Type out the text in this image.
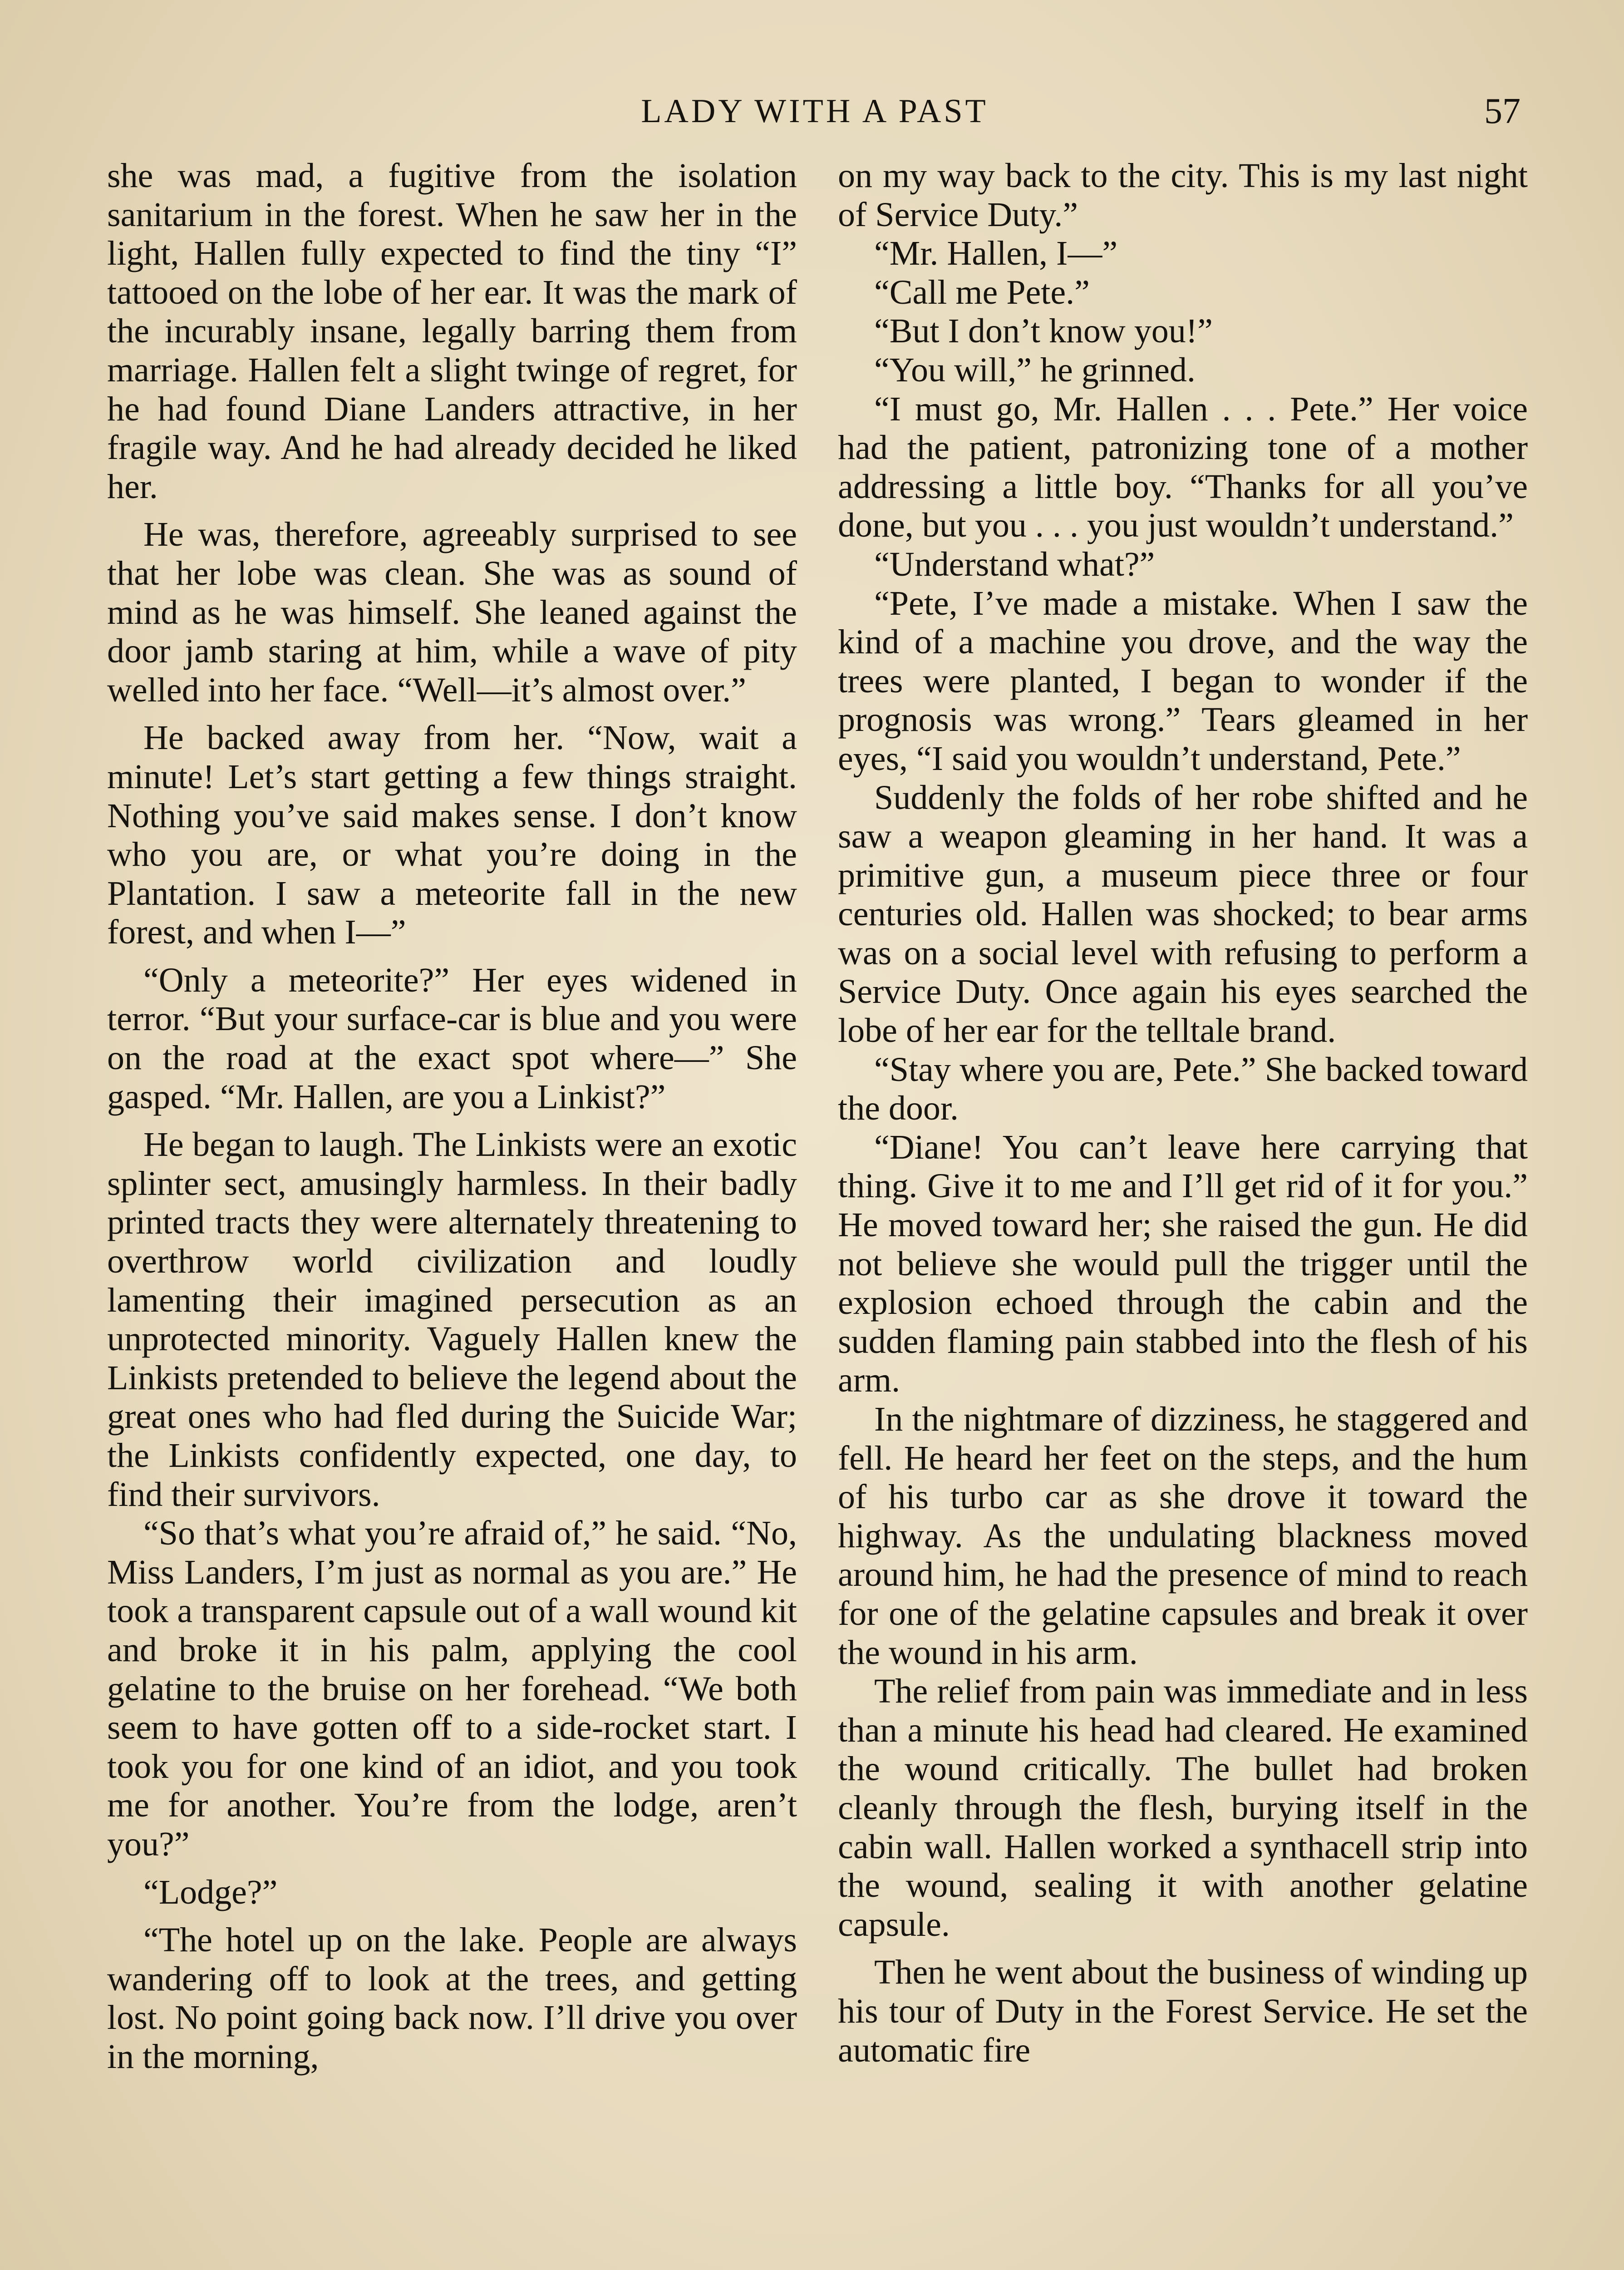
LADY WITH A PAST	57

she was mad, a fugitive from the isolation sanitarium in the forest. When he saw her in the light, Hallen fully expected to find the tiny “I” tattooed on the lobe of her ear. It was the mark of the incurably insane, legally barring them from marriage. Hallen felt a slight twinge of regret, for he had found Diane Landers attractive, in her fragile way. And he had already decided he liked her.

He was, therefore, agreeably surprised to see that her lobe was clean. She was as sound of mind as he was himself. She leaned against the door jamb staring at him, while a wave of pity welled into her face. “Well—it’s almost over.”

He backed away from her. “Now, wait a minute! Let’s start getting a few things straight. Nothing you’ve said makes sense. I don’t know who you are, or what you’re doing in the Plantation. I saw a meteorite fall in the new forest, and when I—”

“Only a meteorite?” Her eyes widened in terror. “But your surface-car is blue and you were on the road at the exact spot where—” She gasped. “Mr. Hallen, are you a Linkist?”

He began to laugh. The Linkists were an exotic splinter sect, amusingly harmless. In their badly printed tracts they were alternately threatening to overthrow world civilization and loudly lamenting their imagined persecution as an unprotected minority. Vaguely Hallen knew the Linkists pretended to believe the legend about the great ones who had fled during the Suicide War; the Linkists confidently expected, one day, to find their survivors.

“So that’s what you’re afraid of,” he said. “No, Miss Landers, I’m just as normal as you are.” He took a transparent capsule out of a wall wound kit and broke it in his palm, applying the cool gelatine to the bruise on her forehead. “We both seem to have gotten off to a side-rocket start. I took you for one kind of an idiot, and you took me for another. You’re from the lodge, aren’t you?”

“Lodge?”

“The hotel up on the lake. People are always wandering off to look at the trees, and getting lost. No point going back now. I’ll drive you over in the morning,

on my way back to the city. This is my last night of Service Duty.”

“Mr. Hallen, I—”

“Call me Pete.”

“But I don’t know you!”

“You will,” he grinned.

“I must go, Mr. Hallen . . . Pete.” Her voice had the patient, patronizing tone of a mother addressing a little boy. “Thanks for all you’ve done, but you . . . you just wouldn’t understand.”

“Understand what?”

“Pete, I’ve made a mistake. When I saw the kind of a machine you drove, and the way the trees were planted, I began to wonder if the prognosis was wrong.” Tears gleamed in her eyes, “I said you wouldn’t understand, Pete.”

Suddenly the folds of her robe shifted and he saw a weapon gleaming in her hand. It was a primitive gun, a museum piece three or four centuries old. Hallen was shocked; to bear arms was on a social level with refusing to perform a Service Duty. Once again his eyes searched the lobe of her ear for the telltale brand.

“Stay where you are, Pete.” She backed toward the door.

“Diane! You can’t leave here carrying that thing. Give it to me and I’ll get rid of it for you.” He moved toward her; she raised the gun. He did not believe she would pull the trigger until the explosion echoed through the cabin and the sudden flaming pain stabbed into the flesh of his arm.

In the nightmare of dizziness, he staggered and fell. He heard her feet on the steps, and the hum of his turbo car as she drove it toward the highway. As the undulating blackness moved around him, he had the presence of mind to reach for one of the gelatine capsules and break it over the wound in his arm.

The relief from pain was immediate and in less than a minute his head had cleared. He examined the wound critically. The bullet had broken cleanly through the flesh, burying itself in the cabin wall. Hallen worked a synthacell strip into the wound, sealing it with another gelatine capsule.

Then he went about the business of winding up his tour of Duty in the Forest Service. He set the automatic fire
